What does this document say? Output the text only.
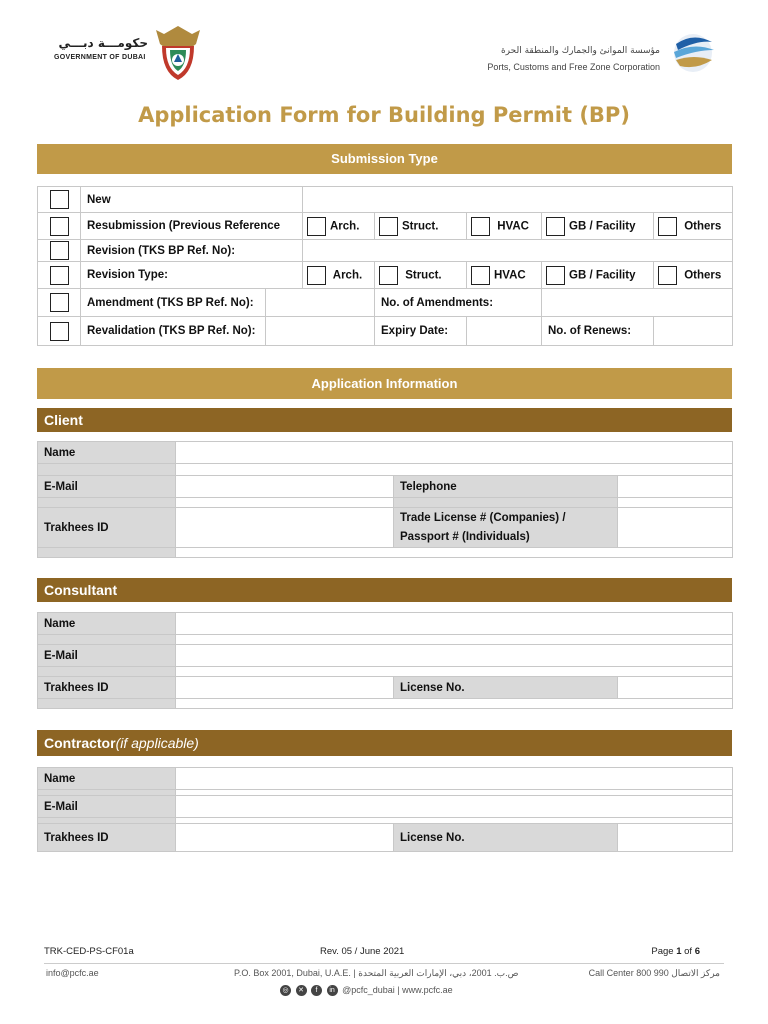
حكومـــة دبـــي
GOVERNMENT OF DUBAI
مؤسسة الموانئ والجمارك والمنطقة الحرة
Ports, Customs and Free Zone Corporation
Application Form for Building Permit (BP)
Submission Type
	New						
	Resubmission (Previous Reference		Arch.	Struct.	HVAC	GB / Facility	Others
	Revision (TKS BP Ref. No):						
	Revision Type:		Arch.	Struct.	HVAC	GB / Facility	Others
	Amendment (TKS BP Ref. No):			No. of Amendments:			
	Revalidation (TKS BP Ref. No):			Expiry Date:		No. of Renews:	
Application Information
Client
Name			

E-Mail		Telephone	

Trakhees ID		Trade License # (Companies) / Passport # (Individuals)	

Consultant
Name			

E-Mail			

Trakhees ID		License No.	

Contractor(if applicable)
Name			

E-Mail			

Trakhees ID		License No.	
TRK-CED-PS-CF01a	Rev. 05 / June 2021	Page 1 of 6
info@pcfc.ae	P.O. Box 2001, Dubai, U.A.E. | ص.ب. 2001، دبي، الإمارات العربية المتحدة	Call Center 800 990 مركز الاتصال
◎ ✕ f in @pcfc_dubai | www.pcfc.ae
